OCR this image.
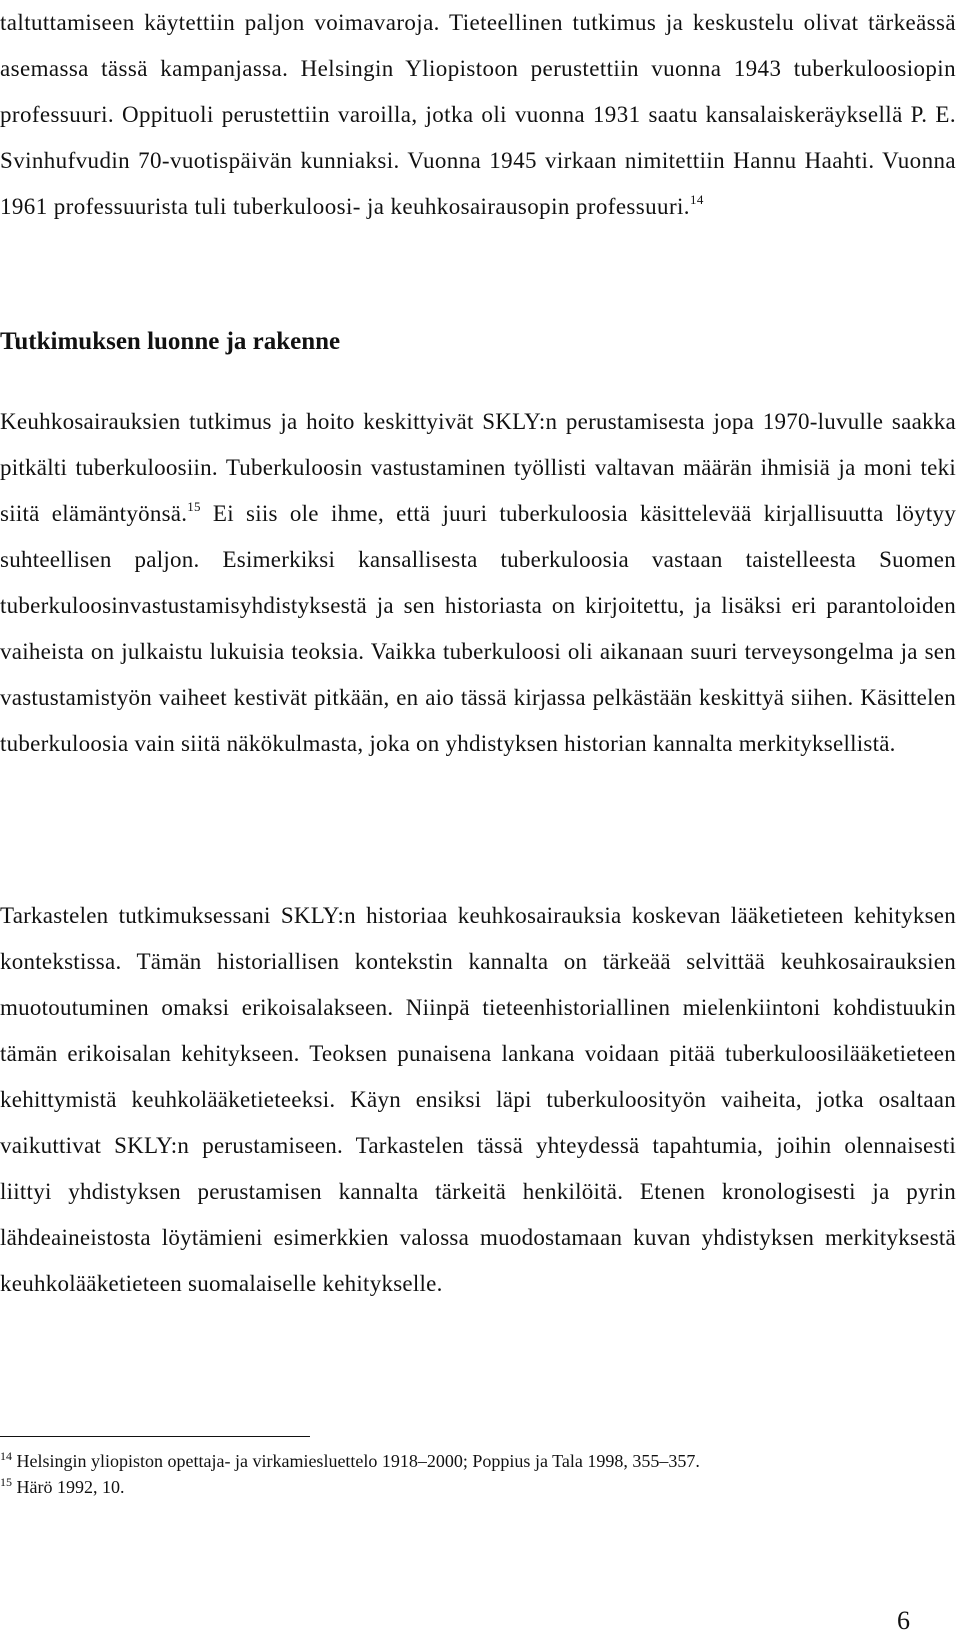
taltuttamiseen käytettiin paljon voimavaroja. Tieteellinen tutkimus ja keskustelu olivat tärkeässä asemassa tässä kampanjassa. Helsingin Yliopistoon perustettiin vuonna 1943 tuberkuloosiopin professuuri. Oppituoli perustettiin varoilla, jotka oli vuonna 1931 saatu kansalaiskeräyksellä P. E. Svinhufvudin 70-vuotispäivän kunniaksi. Vuonna 1945 virkaan nimitettiin Hannu Haahti. Vuonna 1961 professuurista tuli tuberkuloosi- ja keuhkosairausopin professuuri.$^{14}$

Tutkimuksen luonne ja rakenne

Keuhkosairauksien tutkimus ja hoito keskittyivät SKLY:n perustamisesta jopa 1970-luvulle saakka pitkälti tuberkuloosiin. Tuberkuloosin vastustaminen työllisti valtavan määrän ihmisiä ja moni teki siitä elämäntyönsä.$^{15}$ Ei siis ole ihme, että juuri tuberkuloosia käsittelevää kirjallisuutta löytyy suhteellisen paljon. Esimerkiksi kansallisesta tuberkuloosia vastaan taistelleesta Suomen tuberkuloosinvastustamisyhdistyksestä ja sen historiasta on kirjoitettu, ja lisäksi eri parantoloiden vaiheista on julkaistu lukuisia teoksia. Vaikka tuberkuloosi oli aikanaan suuri terveysongelma ja sen vastustamistyön vaiheet kestivät pitkään, en aio tässä kirjassa pelkästään keskittyä siihen. Käsittelen tuberkuloosia vain siitä näkökulmasta, joka on yhdistyksen historian kannalta merkityksellistä.

Tarkastelen tutkimuksessani SKLY:n historiaa keuhkosairauksia koskevan lääketieteen kehityksen kontekstissa. Tämän historiallisen kontekstin kannalta on tärkeää selvittää keuhkosairauksien muotoutuminen omaksi erikoisalakseen. Niinpä tieteenhistoriallinen mielenkiintoni kohdistuukin tämän erikoisalan kehitykseen. Teoksen punaisena lankana voidaan pitää tuberkuloosilääketieteen kehittymistä keuhkolääketieteeksi. Käyn ensiksi läpi tuberkuloosityön vaiheita, jotka osaltaan vaikuttivat SKLY:n perustamiseen. Tarkastelen tässä yhteydessä tapahtumia, joihin olennaisesti liittyi yhdistyksen perustamisen kannalta tärkeitä henkilöitä. Etenen kronologisesti ja pyrin lähdeaineistosta löytämieni esimerkkien valossa muodostamaan kuvan yhdistyksen merkityksestä keuhkolääketieteen suomalaiselle kehitykselle.

$^{14}$ Helsingin yliopiston opettaja- ja virkamiesluettelo 1918–2000; Poppius ja Tala 1998, 355–357.

$^{15}$ Härö 1992, 10.

6
